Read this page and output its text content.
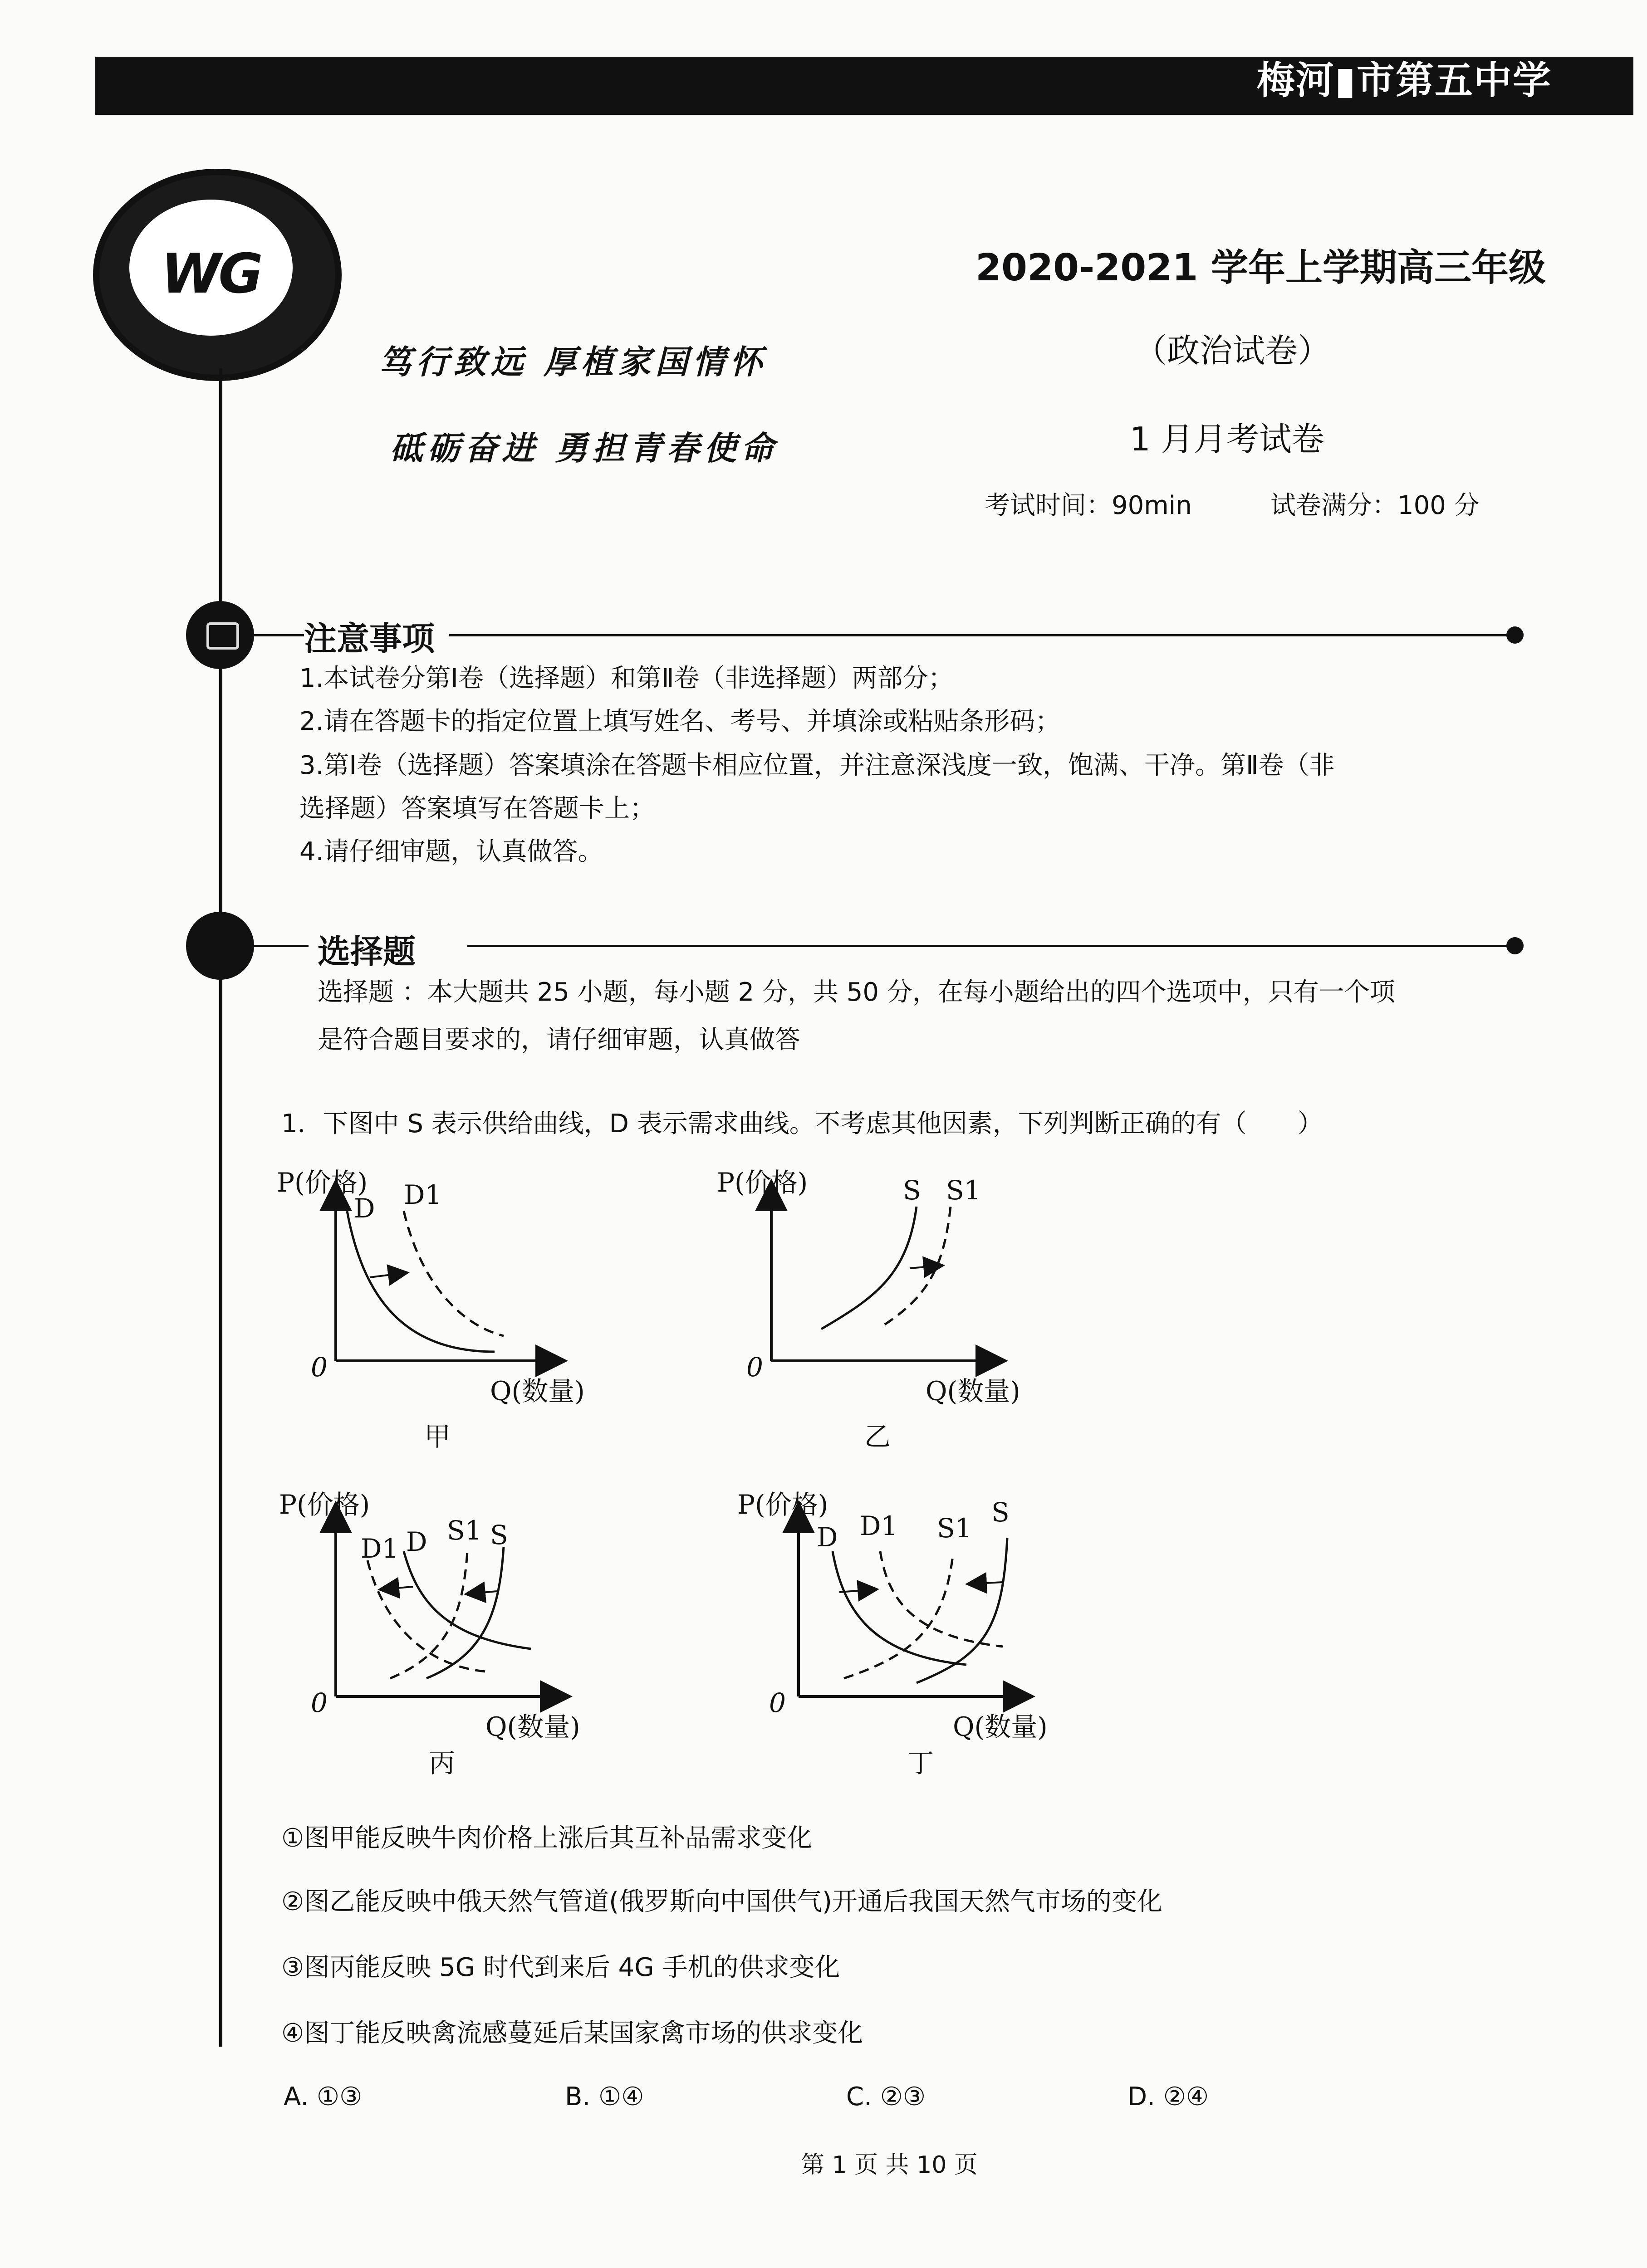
梅河▮市第五中学
WG
笃行致远 厚植家国情怀
砥砺奋进 勇担青春使命
2020-2021 学年上学期高三年级
（政治试卷）
1 月月考试卷
考试时间：90min	试卷满分：100 分
注意事项
1.本试卷分第Ⅰ卷（选择题）和第Ⅱ卷（非选择题）两部分；
2.请在答题卡的指定位置上填写姓名、考号、并填涂或粘贴条形码；
3.第Ⅰ卷（选择题）答案填涂在答题卡相应位置，并注意深浅度一致，饱满、干净。第Ⅱ卷（非
选择题）答案填写在答题卡上；
4.请仔细审题，认真做答。
选择题
选择题 ：本大题共 25 小题，每小题 2 分，共 50 分，在每小题给出的四个选项中，只有一个项
是符合题目要求的，请仔细审题，认真做答
1．下图中 S 表示供给曲线，D 表示需求曲线。不考虑其他因素，下列判断正确的有（　　）
P(价格)
D D1
0
Q(数量)
甲
P(价格)	S S1
0
Q(数量)
乙
P(价格)
D1 D S1 S
0
Q(数量)
丙
P(价格)
D D1 S1
S
0
Q(数量)
丁
①图甲能反映牛肉价格上涨后其互补品需求变化
②图乙能反映中俄天然气管道(俄罗斯向中国供气)开通后我国天然气市场的变化
③图丙能反映 5G 时代到来后 4G 手机的供求变化
④图丁能反映禽流感蔓延后某国家禽市场的供求变化
A. ①③	B. ①④	C. ②③	D. ②④
第 1 页 共 10 页
